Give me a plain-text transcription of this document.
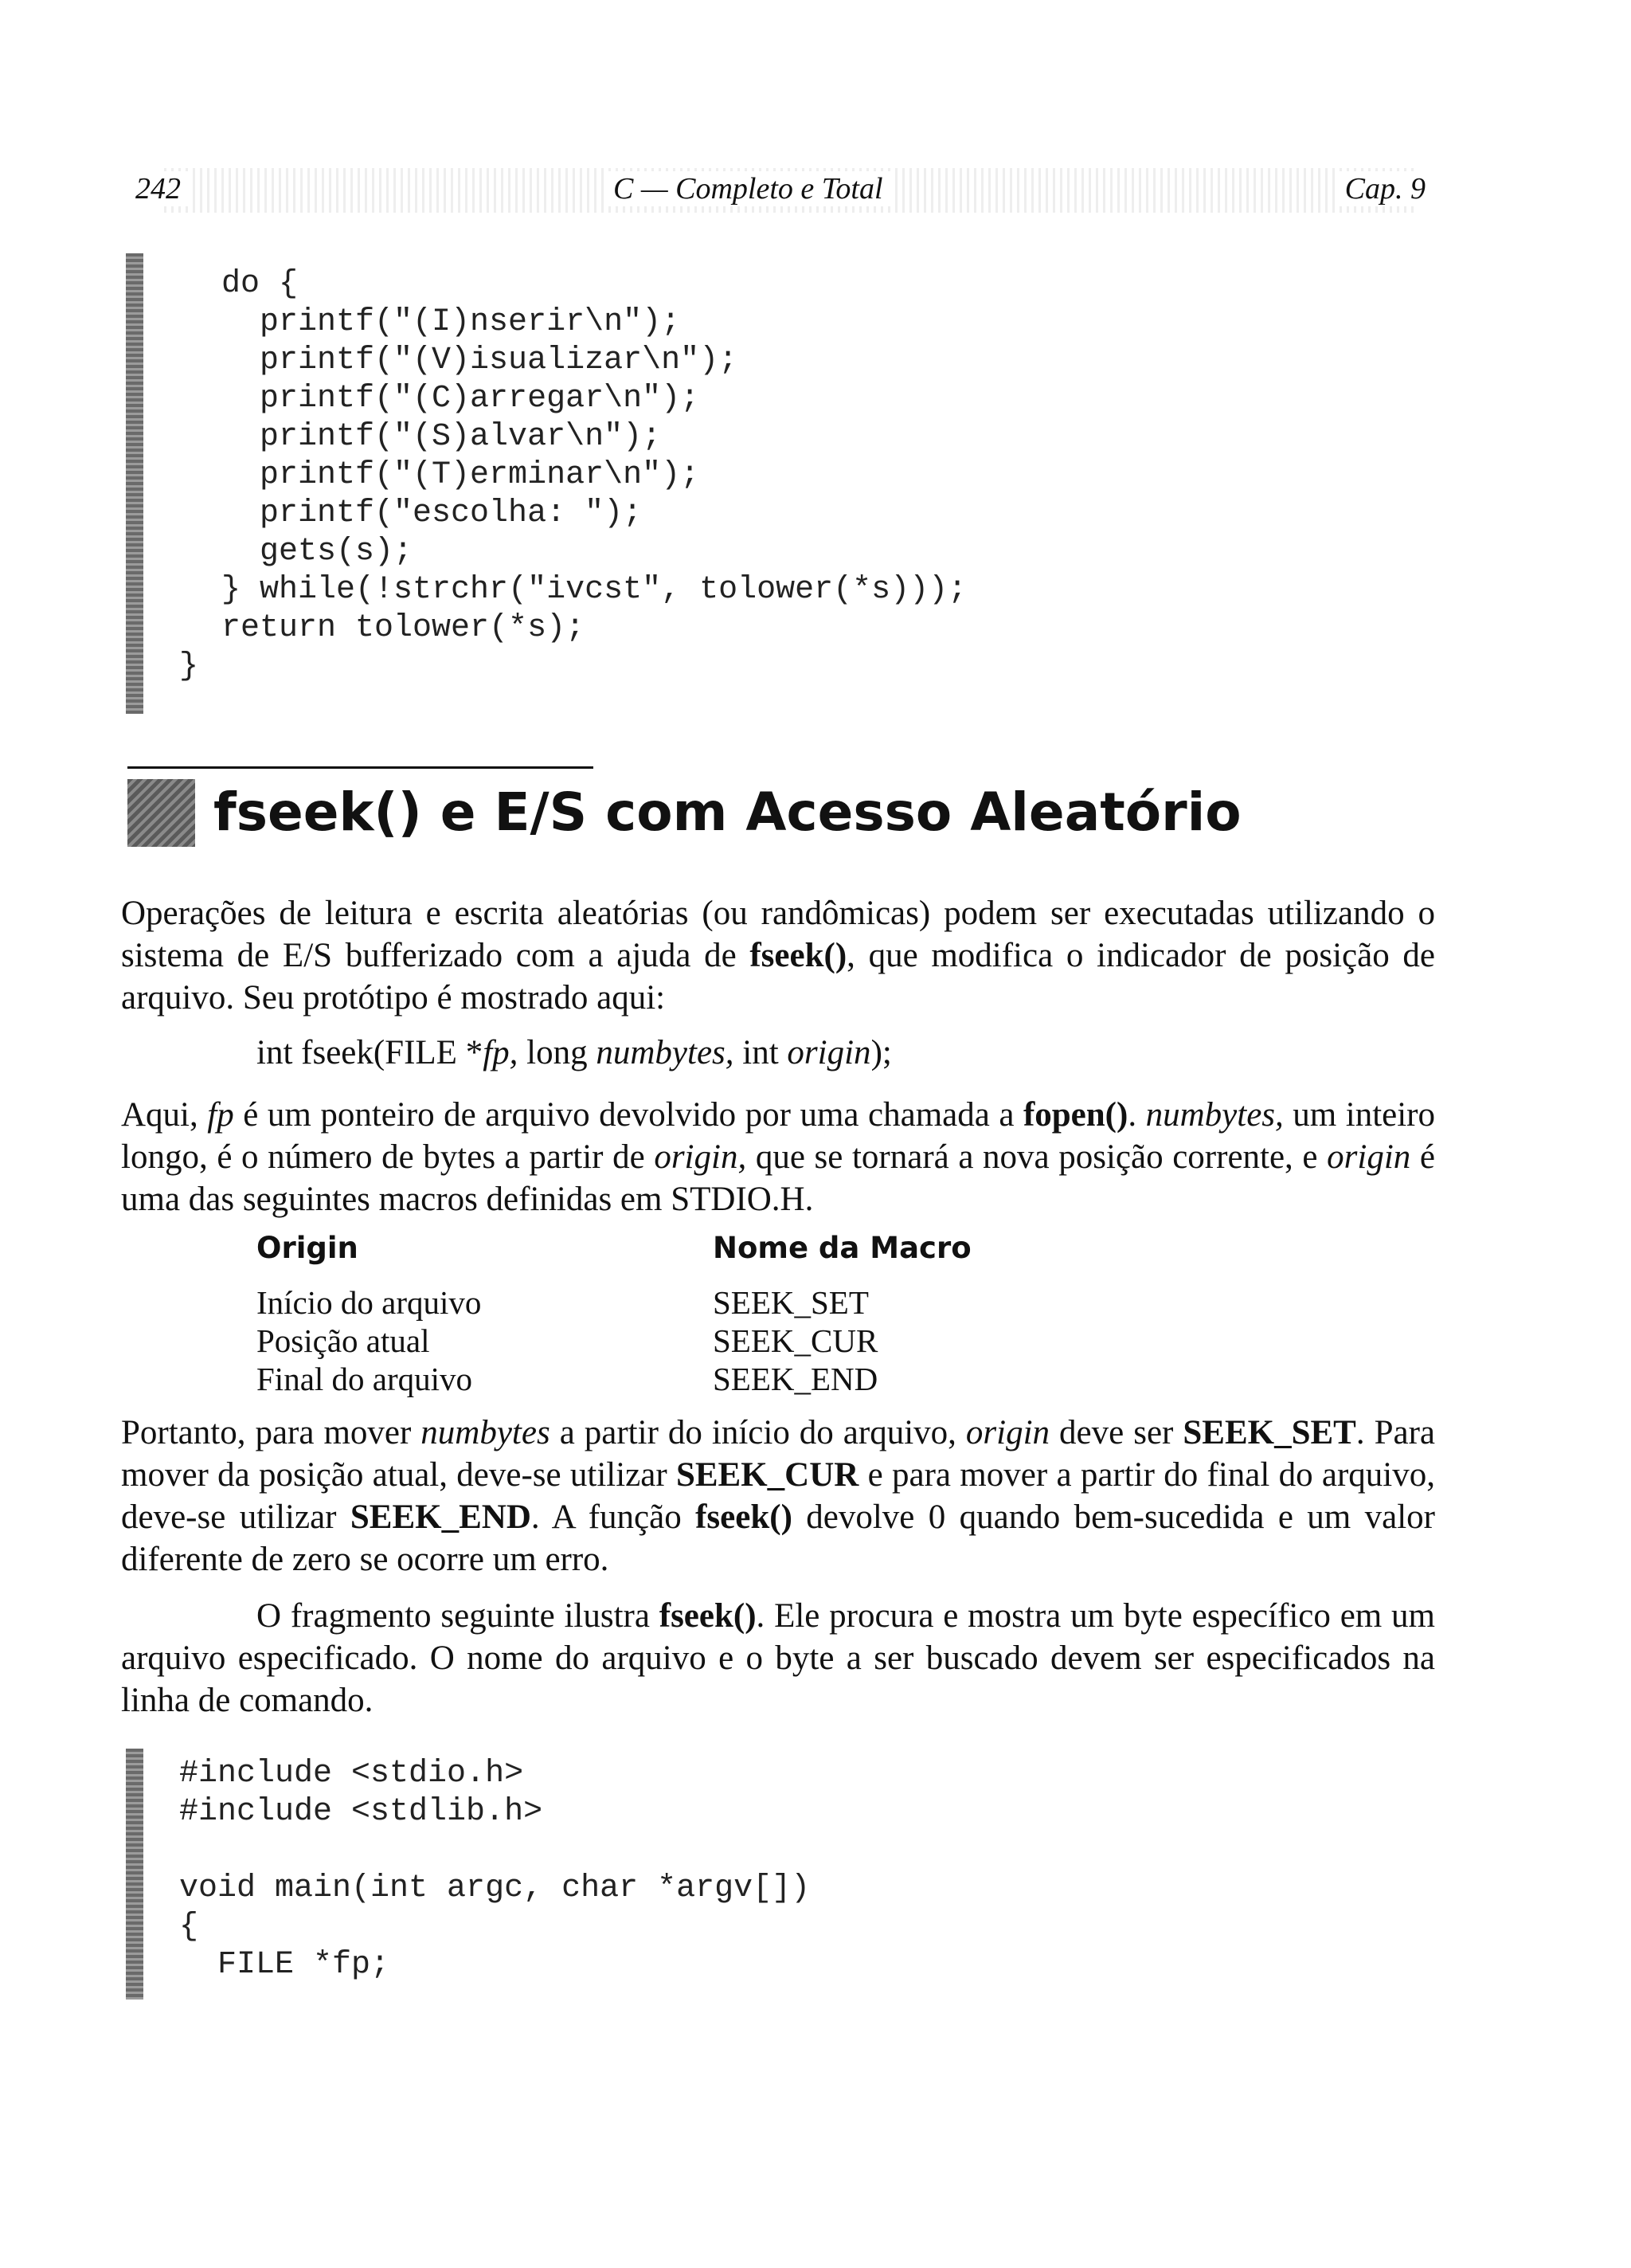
242	C — Completo e Total	Cap. 9
do {
printf("(I)nserir\n");
printf("(V)isualizar\n");
printf("(C)arregar\n");
printf("(S)alvar\n");
printf("(T)erminar\n");
printf("escolha: ");
gets(s);
} while(!strchr("ivcst", tolower(*s)));
return tolower(*s);
}
fseek() e E/S com Acesso Aleatório

Operações de leitura e escrita aleatórias (ou randômicas) podem ser executadas utilizando o sistema de E/S bufferizado com a ajuda de fseek(), que modifica o indicador de posição de arquivo. Seu protótipo é mostrado aqui:

int fseek(FILE *fp, long numbytes, int origin);

Aqui, fp é um ponteiro de arquivo devolvido por uma chamada a fopen(). numbytes, um inteiro longo, é o número de bytes a partir de origin, que se tornará a nova posição corrente, e origin é uma das seguintes macros definidas em STDIO.H.

Origin	Nome da Macro

Início do arquivo	SEEK_SET

Posição atual	SEEK_CUR

Final do arquivo	SEEK_END

Portanto, para mover numbytes a partir do início do arquivo, origin deve ser SEEK_SET. Para mover da posição atual, deve-se utilizar SEEK_CUR e para mover a partir do final do arquivo, deve-se utilizar SEEK_END. A função fseek() devolve 0 quando bem-sucedida e um valor diferente de zero se ocorre um erro.

O fragmento seguinte ilustra fseek(). Ele procura e mostra um byte específico em um arquivo especificado. O nome do arquivo e o byte a ser buscado devem ser especificados na linha de comando.

#include <stdio.h>
#include <stdlib.h>

void main(int argc, char *argv[])
{
FILE *fp;
